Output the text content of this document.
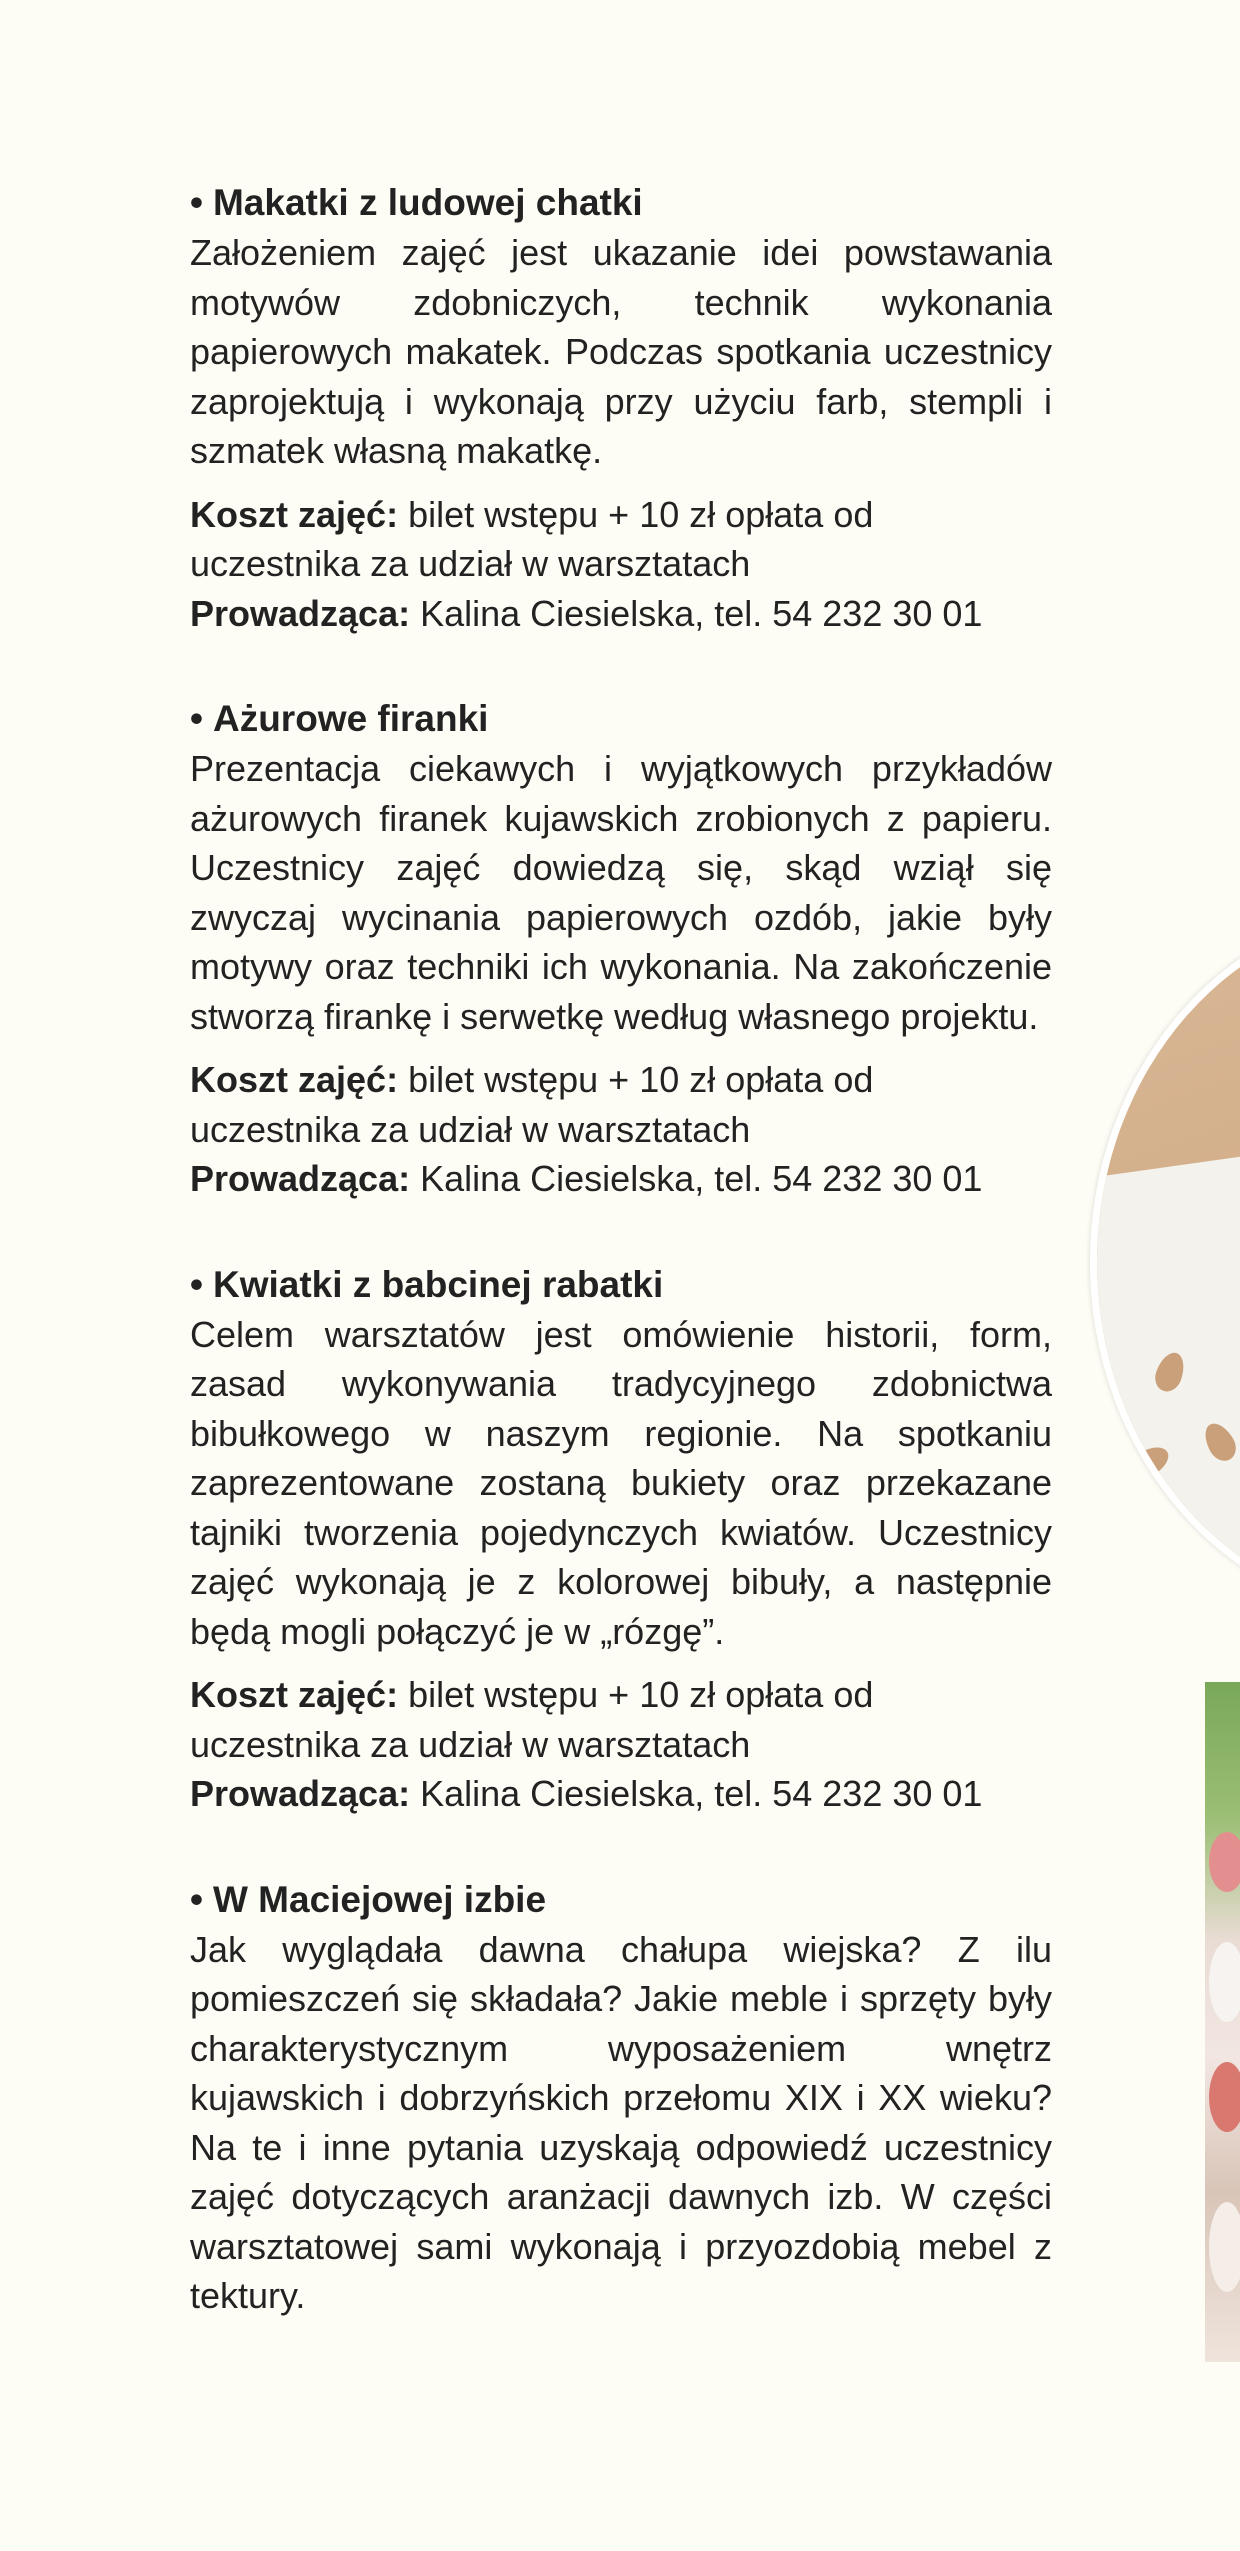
• Makatki z ludowej chatki

Założeniem zajęć jest ukazanie idei powstawania motywów zdobniczych, technik wykonania papierowych makatek. Podczas spotkania uczestnicy zaprojektują i wykonają przy użyciu farb, stempli i szmatek własną makatkę.

Koszt zajęć: bilet wstępu + 10 zł opłata od uczestnika za udział w warsztatach
Prowadząca: Kalina Ciesielska, tel. 54 232 30 01

• Ażurowe firanki

Prezentacja ciekawych i wyjątkowych przykładów ażurowych firanek kujawskich zrobionych z papieru. Uczestnicy zajęć dowiedzą się, skąd wziął się zwyczaj wycinania papierowych ozdób, jakie były motywy oraz techniki ich wykonania. Na zakończenie stworzą firankę i serwetkę według własnego projektu.

Koszt zajęć: bilet wstępu + 10 zł opłata od uczestnika za udział w warsztatach
Prowadząca: Kalina Ciesielska, tel. 54 232 30 01

• Kwiatki z babcinej rabatki

Celem warsztatów jest omówienie historii, form, zasad wykonywania tradycyjnego zdobnictwa bibułkowego w naszym regionie. Na spotkaniu zaprezentowane zostaną bukiety oraz przekazane tajniki tworzenia pojedynczych kwiatów. Uczestnicy zajęć wykonają je z kolorowej bibuły, a następnie będą mogli połączyć je w „rózgę”.

Koszt zajęć: bilet wstępu + 10 zł opłata od uczestnika za udział w warsztatach
Prowadząca: Kalina Ciesielska, tel. 54 232 30 01

• W Maciejowej izbie

Jak wyglądała dawna chałupa wiejska? Z ilu pomieszczeń się składała? Jakie meble i sprzęty były charakterystycznym wyposażeniem wnętrz kujawskich i dobrzyńskich przełomu XIX i XX wieku? Na te i inne pytania uzyskają odpowiedź uczestnicy zajęć dotyczących aranżacji dawnych izb. W części warsztatowej sami wykonają i przyozdobią mebel z tektury.
